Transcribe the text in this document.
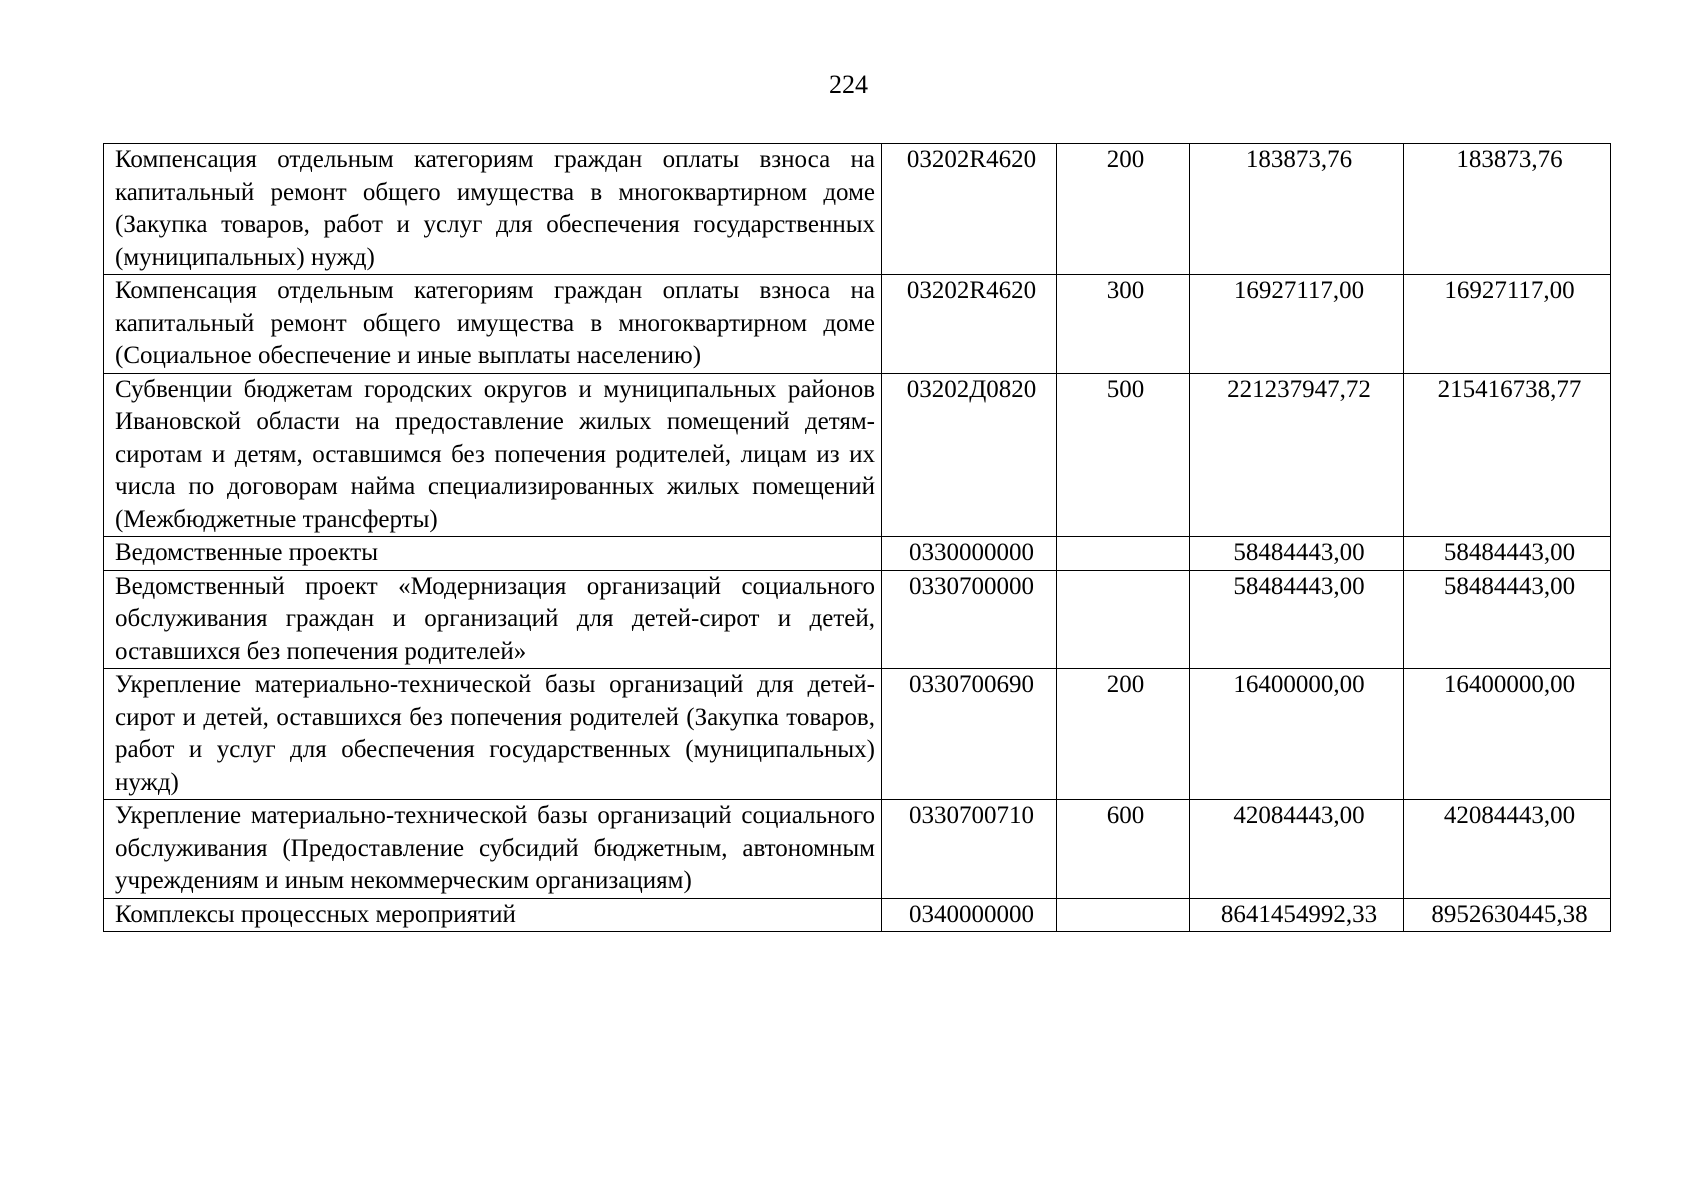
224
Компенсация отдельным категориям граждан оплаты взноса на капитальный ремонт общего имущества в многоквартирном доме (Закупка товаров, работ и услуг для обеспечения государственных (муниципальных) нужд)	03202R4620	200	183873,76	183873,76
Компенсация отдельным категориям граждан оплаты взноса на капитальный ремонт общего имущества в многоквартирном доме (Социальное обеспечение и иные выплаты населению)	03202R4620	300	16927117,00	16927117,00
Субвенции бюджетам городских округов и муниципальных районов Ивановской области на предоставление жилых помещений детям-сиротам и детям, оставшимся без попечения родителей, лицам из их числа по договорам найма специализированных жилых помещений (Межбюджетные трансферты)	03202Д0820	500	221237947,72	215416738,77
Ведомственные проекты	0330000000		58484443,00	58484443,00
Ведомственный проект «Модернизация организаций социального обслуживания граждан и организаций для детей-сирот и детей, оставшихся без попечения родителей»	0330700000		58484443,00	58484443,00
Укрепление материально-технической базы организаций для детей-сирот и детей, оставшихся без попечения родителей (Закупка товаров, работ и услуг для обеспечения государственных (муниципальных) нужд)	0330700690	200	16400000,00	16400000,00
Укрепление материально-технической базы организаций социального обслуживания (Предоставление субсидий бюджетным, автономным учреждениям и иным некоммерческим организациям)	0330700710	600	42084443,00	42084443,00
Комплексы процессных мероприятий	0340000000		8641454992,33	8952630445,38
